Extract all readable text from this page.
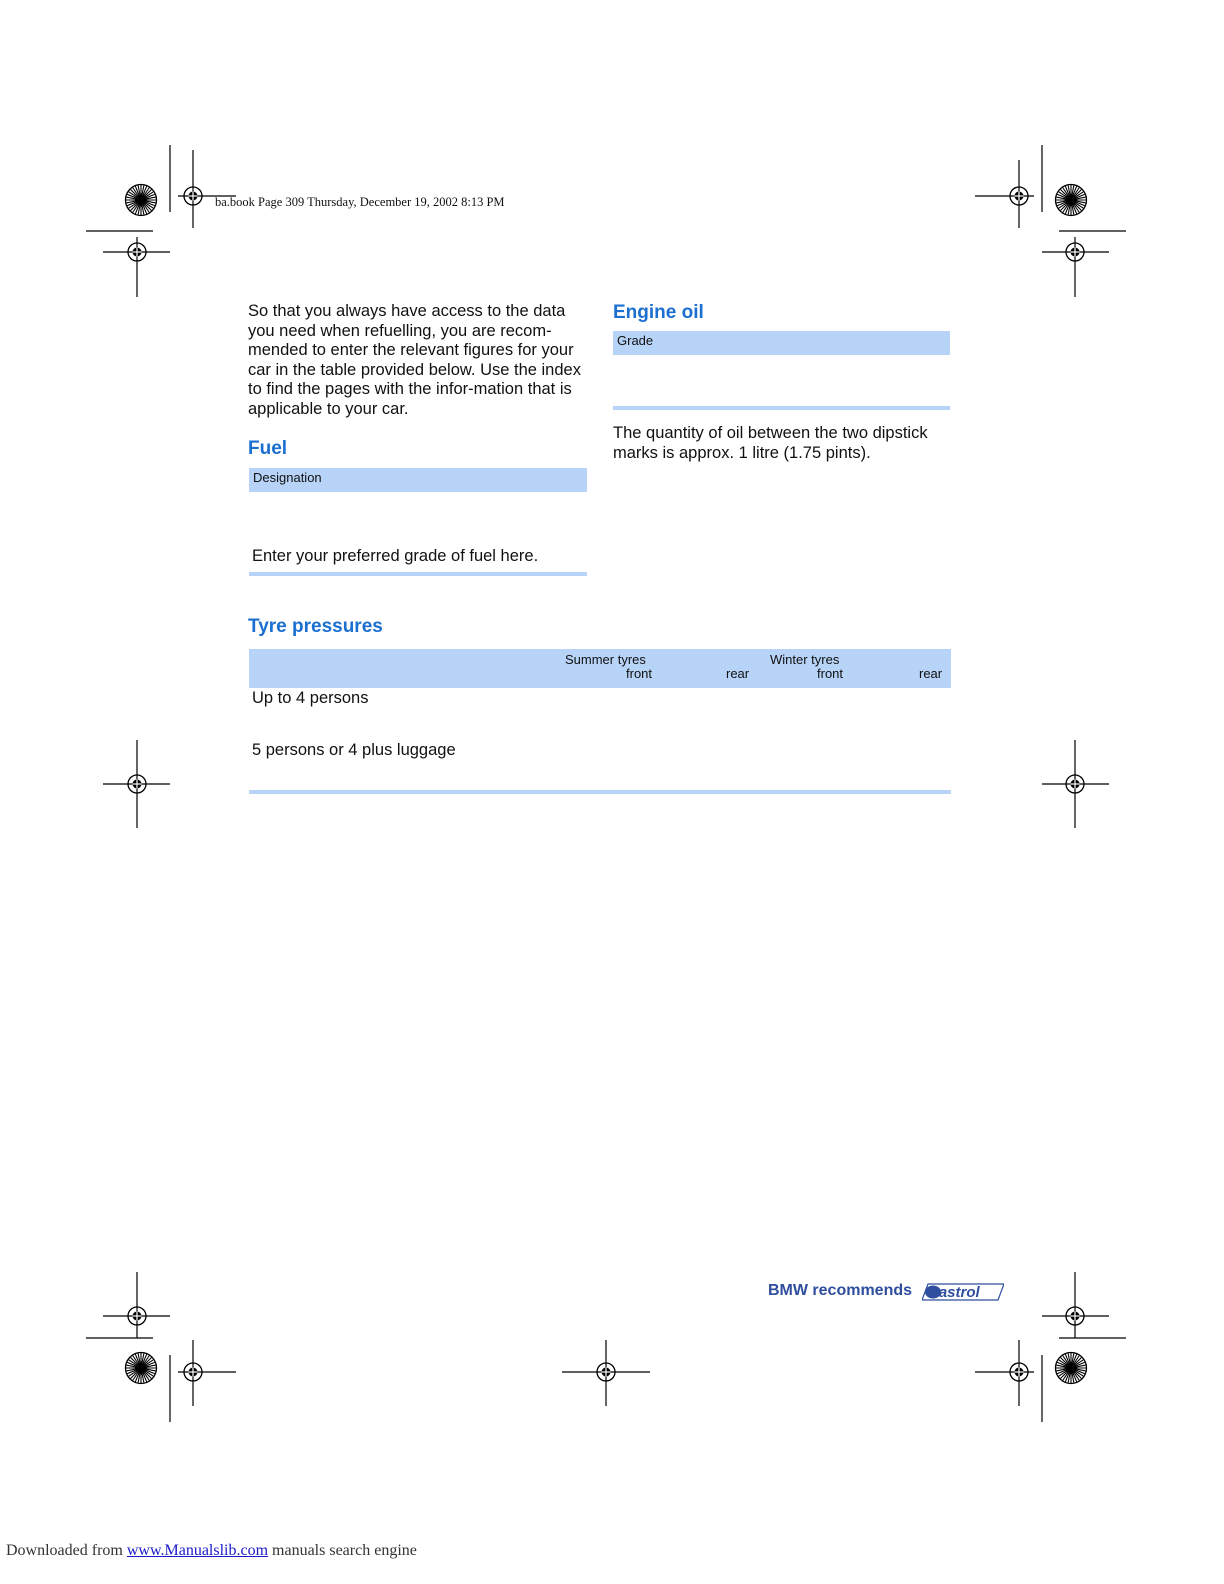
ba.book Page 309 Thursday, December 19, 2002 8:13 PM
So that you always have access to the data you need when refuelling, you are recom-mended to enter the relevant figures for your car in the table provided below. Use the index to find the pages with the infor-mation that is applicable to your car.
Fuel
Designation
Enter your preferred grade of fuel here.
Engine oil
Grade
The quantity of oil between the two dipstick marks is approx. 1 litre (1.75 pints).
Tyre pressures
Summer tyres	Winter tyres
front	rear	front	rear
Up to 4 persons
5 persons or 4 plus luggage
BMW recommends Castrol
Downloaded from www.Manualslib.com manuals search engine
